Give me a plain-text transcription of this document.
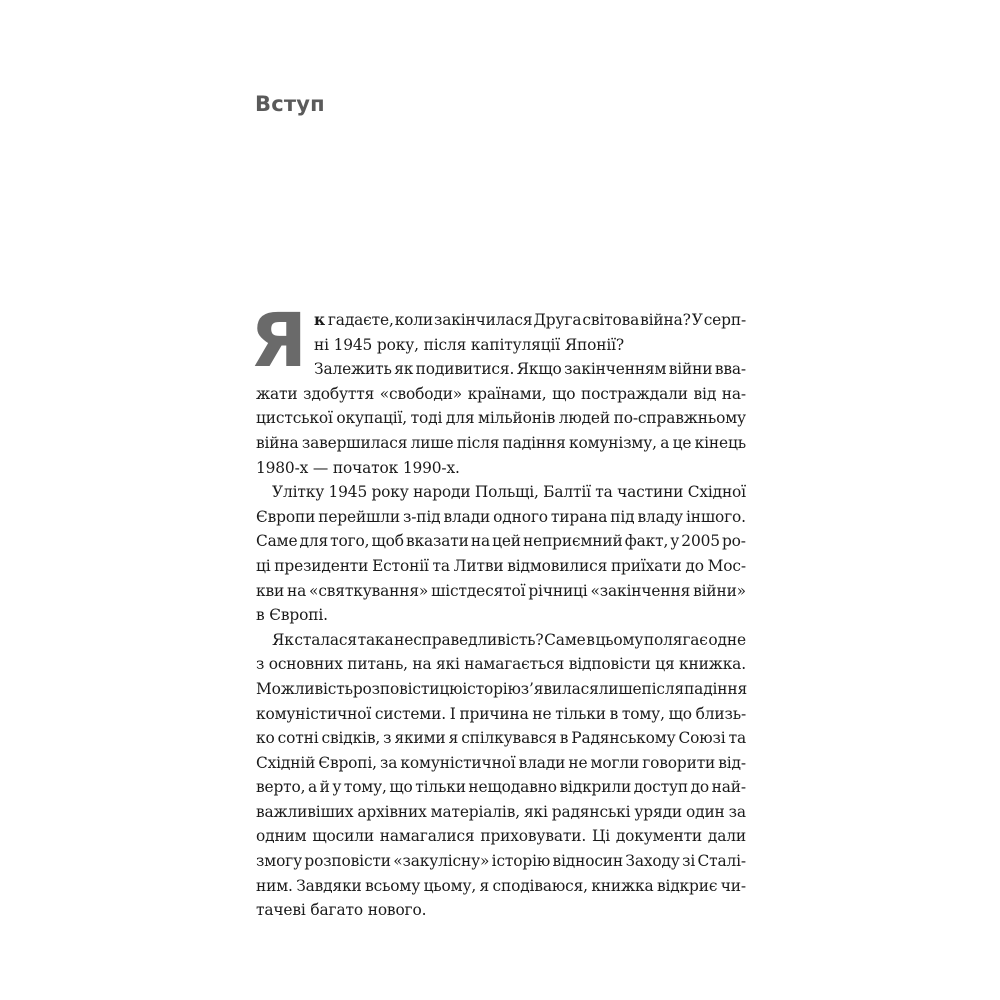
Вступ
Я к гадаєте, коли закінчилася Друга світова війна? У серп-
ні 1945 року, після капітуляції Японії?
Залежить як подивитися. Якщо закінченням війни вва-
жати здобуття «свободи» країнами, що постраждали від на-
цистської окупації, тоді для мільйонів людей по-справжньому
війна завершилася лише після падіння комунізму, а це кінець
1980-х — початок 1990-х.
Улітку 1945 року народи Польщі, Балтії та частини Східної
Європи перейшли з-під влади одного тирана під владу іншого.
Саме для того, щоб вказати на цей неприємний факт, у 2005 ро-
ці президенти Естонії та Литви відмовилися приїхати до Мос-
кви на «святкування» шістдесятої річниці «закінчення війни»
в Європі.
Як сталася така несправедливість? Саме в цьому полягає одне
з основних питань, на які намагається відповісти ця книжка.
Можливість розповісти цю історію з’явилася лише після падіння
комуністичної системи. І причина не тільки в тому, що близь-
ко сотні свідків, з якими я спілкувався в Радянському Союзі та
Східній Європі, за комуністичної влади не могли говорити від-
верто, а й у тому, що тільки нещодавно відкрили доступ до най-
важливіших архівних матеріалів, які радянські уряди один за
одним щосили намагалися приховувати. Ці документи дали
змогу розповісти «закулісну» історію відносин Заходу зі Сталі-
ним. Завдяки всьому цьому, я сподіваюся, книжка відкриє чи-
тачеві багато нового.
